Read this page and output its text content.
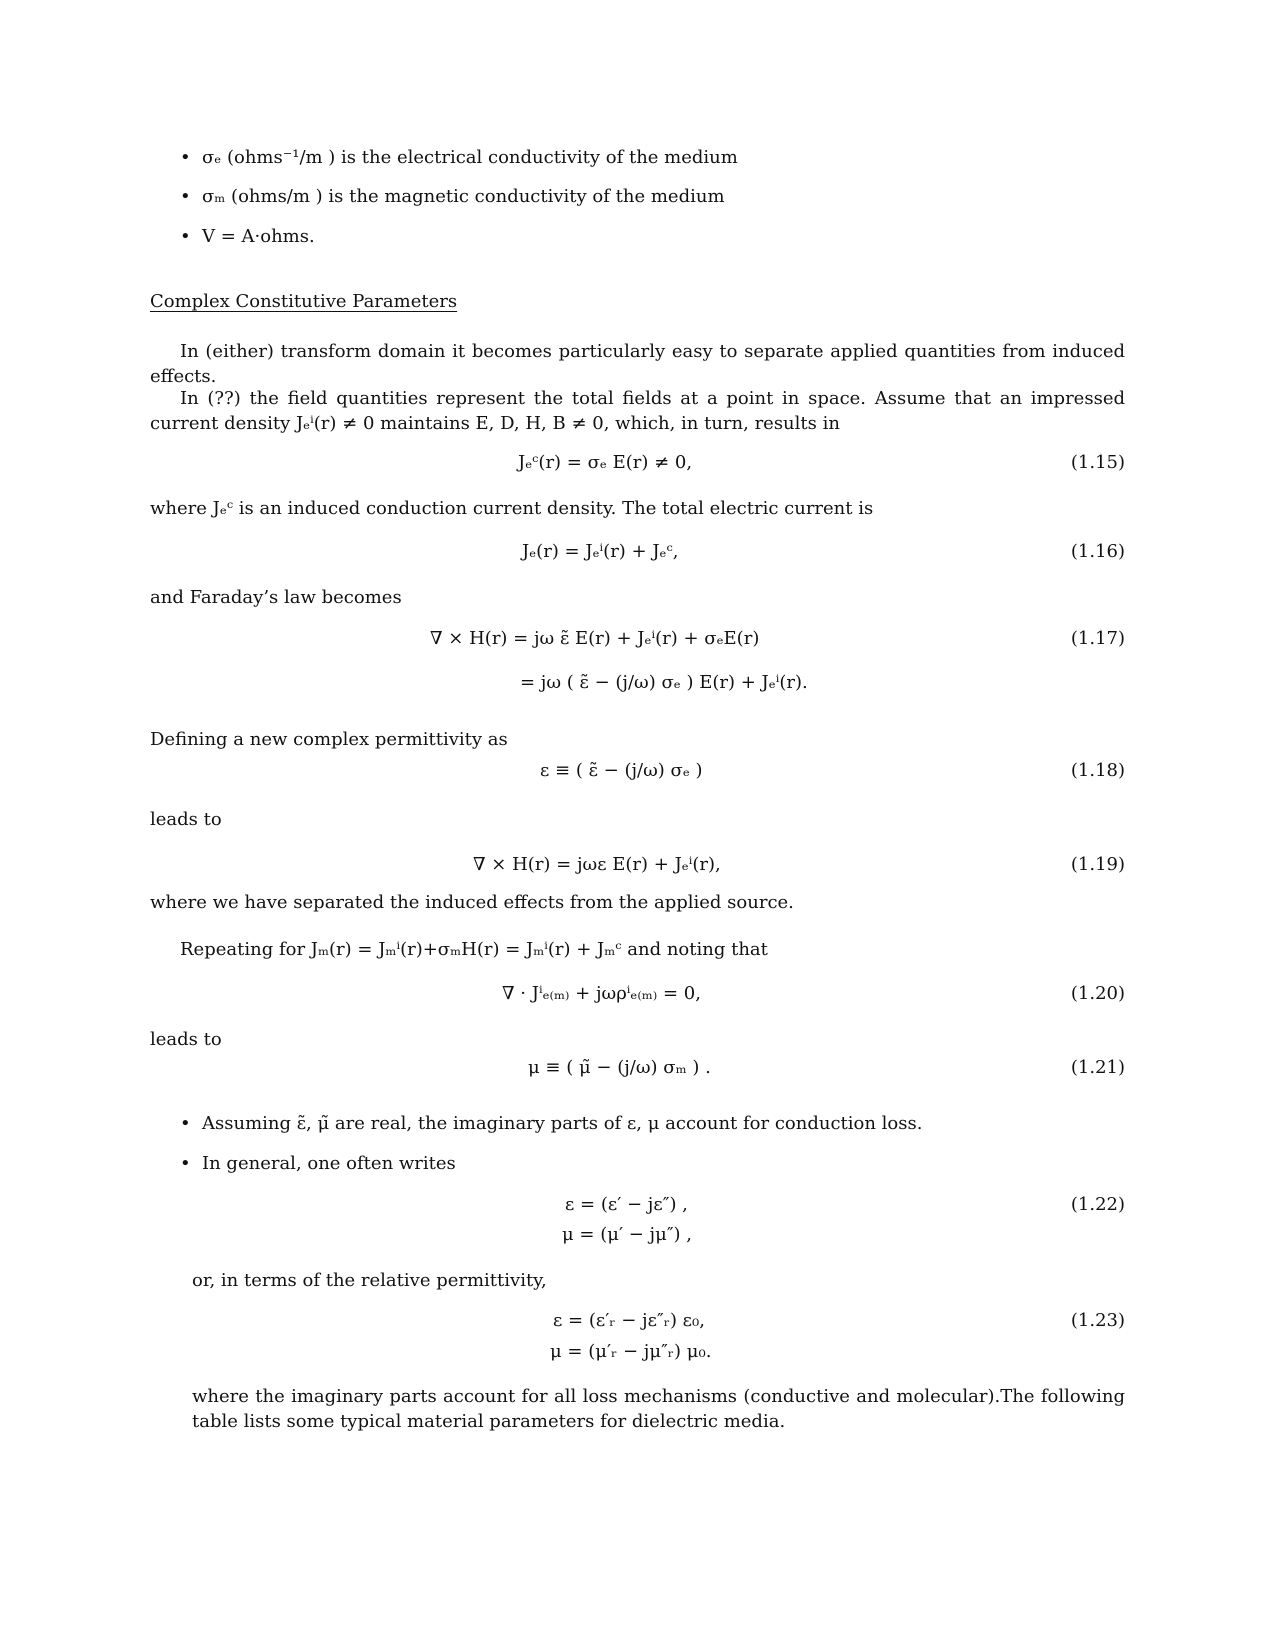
• σₑ (ohms⁻¹/m ) is the electrical conductivity of the medium
• σₘ (ohms/m ) is the magnetic conductivity of the medium
• V = A·ohms.
Complex Constitutive Parameters
In (either) transform domain it becomes particularly easy to separate applied quantities from induced effects.
In (??) the field quantities represent the total fields at a point in space. Assume that an impressed current density Jₑⁱ(r) ≠ 0 maintains E, D, H, B ≠ 0, which, in turn, results in
Jₑᶜ(r) = σₑ E(r) ≠ 0,	(1.15)
where Jₑᶜ is an induced conduction current density. The total electric current is
Jₑ(r) = Jₑⁱ(r) + Jₑᶜ,	(1.16)
and Faraday’s law becomes
∇ × H(r) = jω ε̃ E(r) + Jₑⁱ(r) + σₑE(r)	(1.17)
= jω ( ε̃ − (j/ω) σₑ ) E(r) + Jₑⁱ(r).
Defining a new complex permittivity as
ε ≡ ( ε̃ − (j/ω) σₑ )	(1.18)
leads to
∇ × H(r) = jωε E(r) + Jₑⁱ(r),	(1.19)
where we have separated the induced effects from the applied source.
Repeating for Jₘ(r) = Jₘⁱ(r)+σₘH(r) = Jₘⁱ(r) + Jₘᶜ and noting that
∇ · Jⁱₑ₍ₘ₎ + jωρⁱₑ₍ₘ₎ = 0,	(1.20)
leads to
μ ≡ ( μ̃ − (j/ω) σₘ ) .	(1.21)
• Assuming ε̃, μ̃ are real, the imaginary parts of ε, μ account for conduction loss.
• In general, one often writes
ε = (ε′ − jε″) ,	(1.22)
μ = (μ′ − jμ″) ,
or, in terms of the relative permittivity,
ε = (ε′ᵣ − jε″ᵣ) ε₀,	(1.23)
μ = (μ′ᵣ − jμ″ᵣ) μ₀.
where the imaginary parts account for all loss mechanisms (conductive and molecular).The following table lists some typical material parameters for dielectric media.
